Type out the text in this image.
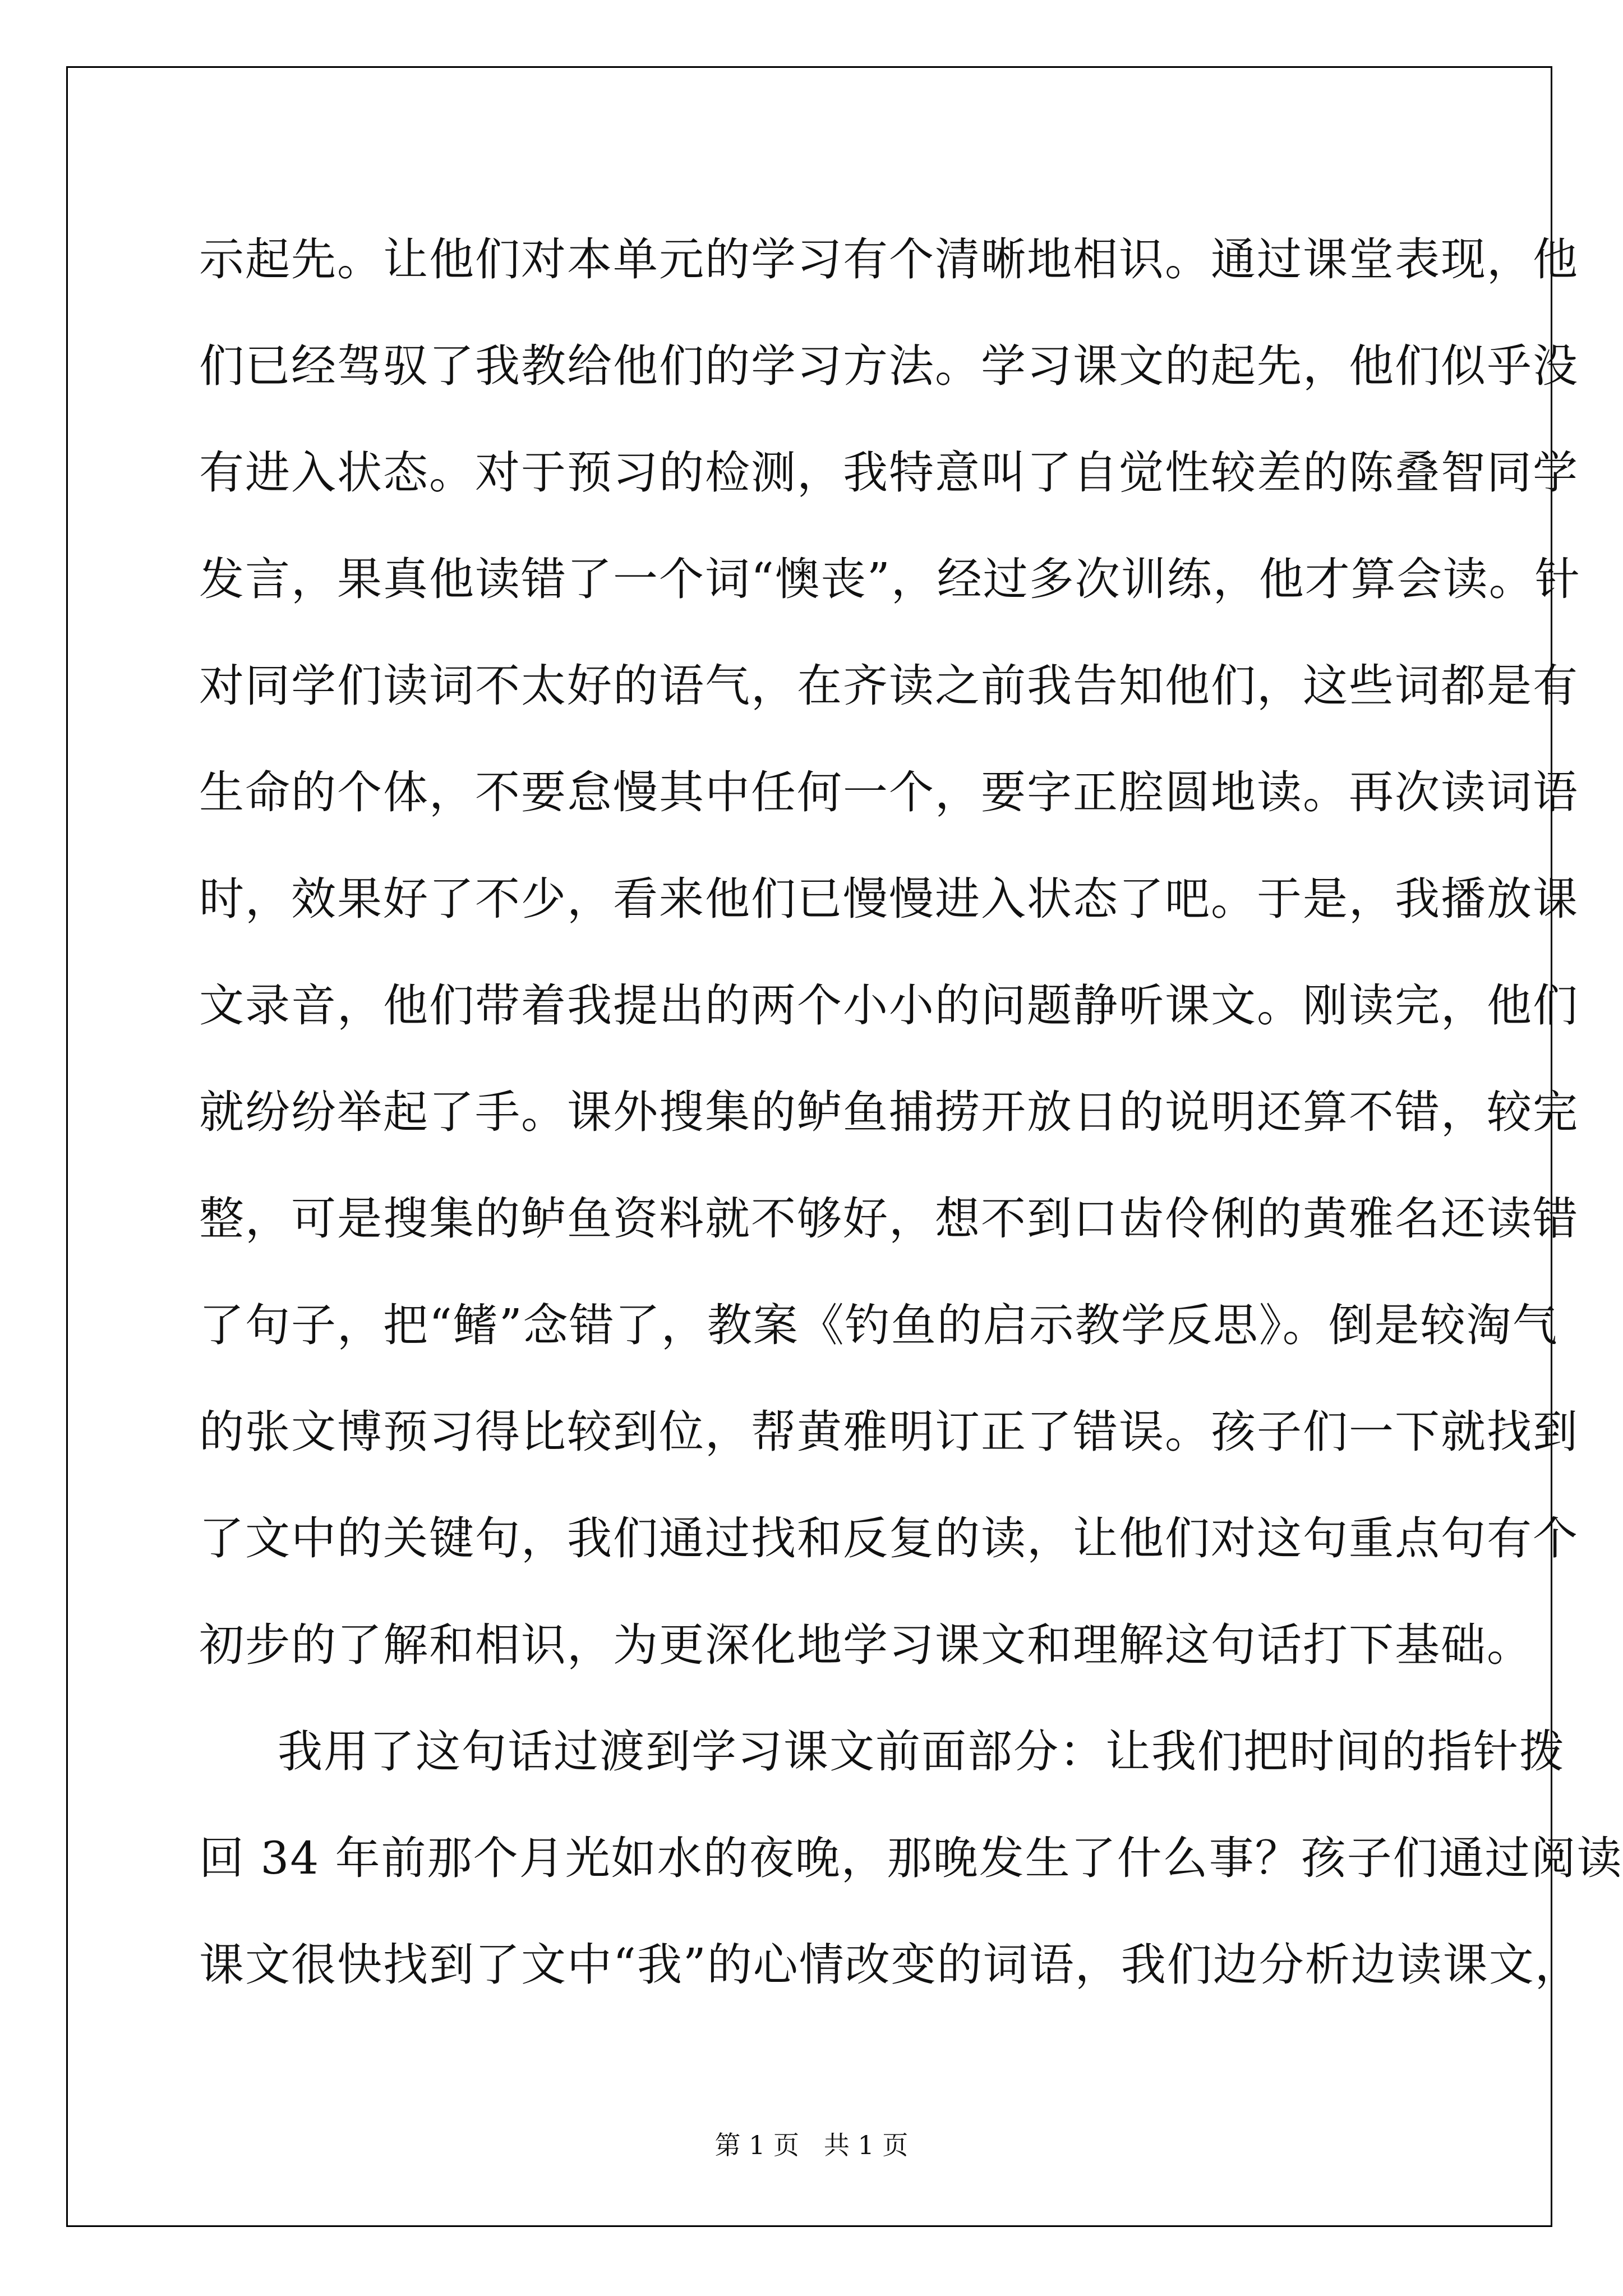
示起先。让他们对本单元的学习有个清晰地相识。通过课堂表现，他
们已经驾驭了我教给他们的学习方法。学习课文的起先，他们似乎没
有进入状态。对于预习的检测，我特意叫了自觉性较差的陈叠智同学
发言，果真他读错了一个词“懊丧”，经过多次训练，他才算会读。针
对同学们读词不太好的语气，在齐读之前我告知他们，这些词都是有
生命的个体，不要怠慢其中任何一个，要字正腔圆地读。再次读词语
时，效果好了不少，看来他们已慢慢进入状态了吧。于是，我播放课
文录音，他们带着我提出的两个小小的问题静听课文。刚读完，他们
就纷纷举起了手。课外搜集的鲈鱼捕捞开放日的说明还算不错，较完
整，可是搜集的鲈鱼资料就不够好，想不到口齿伶俐的黄雅名还读错
了句子，把“鳍”念错了，教案《钓鱼的启示教学反思》。倒是较淘气
的张文博预习得比较到位，帮黄雅明订正了错误。孩子们一下就找到
了文中的关键句，我们通过找和反复的读，让他们对这句重点句有个
初步的了解和相识，为更深化地学习课文和理解这句话打下基础。
我用了这句话过渡到学习课文前面部分：让我们把时间的指针拨
回 34 年前那个月光如水的夜晚，那晚发生了什么事？孩子们通过阅读
课文很快找到了文中“我”的心情改变的词语，我们边分析边读课文，
第 1 页   共 1 页
